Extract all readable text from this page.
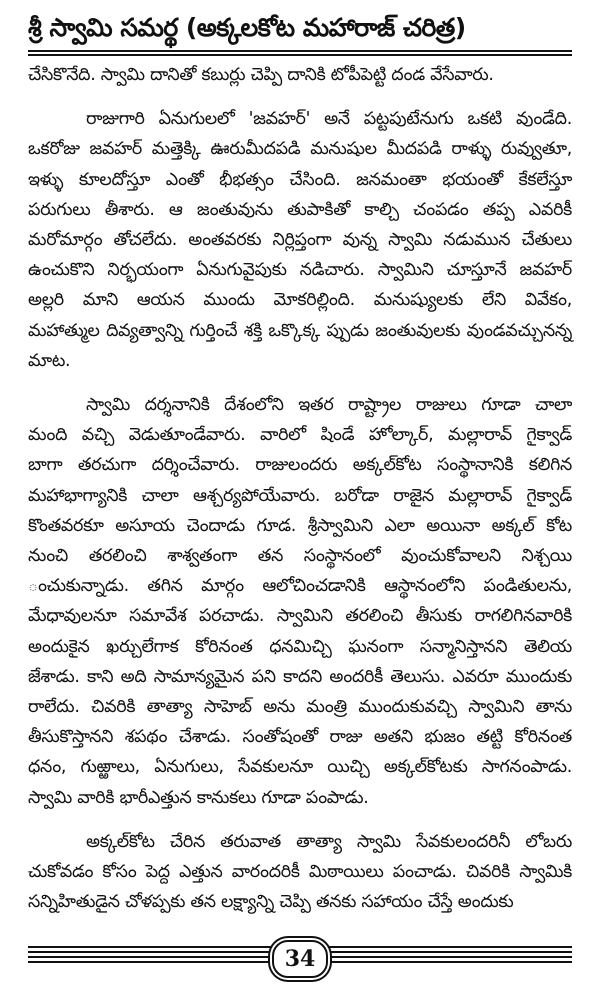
శ్రీ స్వామి సమర్థ (అక్కలకోట మహారాజ్ చరిత్ర)
చేసికొనేది. స్వామి దానితో కబుర్లు చెప్పి దానికి టోపీపెట్టి దండ వేసేవారు.
రాజుగారి ఏనుగులలో 'జవహర్' అనే పట్టపుటేనుగు ఒకటి వుండేది.
ఒకరోజు జవహర్ మత్తెక్కి ఊరుమీదపడి మనుషుల మీదపడి రాళ్ళు రువ్వుతూ,
ఇళ్ళు కూలదోస్తూ ఎంతో భీభత్సం చేసింది. జనమంతా భయంతో కేకలేస్తూ
పరుగులు తీశారు. ఆ జంతువును తుపాకితో కాల్చి చంపడం తప్ప ఎవరికీ
మరోమార్గం తోచలేదు. అంతవరకు నిర్లిప్తంగా వున్న స్వామి నడుమున చేతులు
ఉంచుకొని నిర్భయంగా ఏనుగువైపుకు నడిచారు. స్వామిని చూస్తూనే జవహర్
అల్లరి మాని ఆయన ముందు మోకరిల్లింది. మనుష్యులకు లేని వివేకం,
మహాత్ముల దివ్యత్వాన్ని గుర్తించే శక్తి ఒక్కొక్క ప్పుడు జంతువులకు వుండవచ్చునన్న
మాట.
స్వామి దర్శనానికి దేశంలోని ఇతర రాష్ట్రాల రాజులు గూడా చాలా
మంది వచ్చి వెడుతూండేవారు. వారిలో షిండే హోల్కార్, మల్లారావ్ గైక్వాడ్
బాగా తరచుగా దర్శించేవారు. రాజులందరు అక్కల్‌కోట సంస్థానానికి కలిగిన
మహాభాగ్యానికి చాలా ఆశ్చర్యపోయేవారు. బరోడా రాజైన మల్లారావ్ గైక్వాడ్
కొంతవరకూ అసూయ చెందాడు గూడ. శ్రీస్వామిని ఎలా అయినా అక్కల్ కోట
నుంచి తరలించి శాశ్వతంగా తన సంస్థానంలో వుంచుకోవాలని నిశ్చయి
ంచుకున్నాడు. తగిన మార్గం ఆలోచించడానికి ఆస్థానంలోని పండితులను,
మేధావులనూ సమావేశ పరచాడు. స్వామిని తరలించి తీసుకు రాగలిగినవారికి
అందుకైన ఖర్చులేగాక కోరినంత ధనమిచ్చి ఘనంగా సన్మానిస్తానని తెలియ
జేశాడు. కాని అది సామాన్యమైన పని కాదని అందరికీ తెలుసు. ఎవరూ ముందుకు
రాలేదు. చివరికి తాత్యా సాహెబ్ అను మంత్రి ముందుకువచ్చి స్వామిని తాను
తీసుకొస్తానని శపథం చేశాడు. సంతోషంతో రాజు అతని భుజం తట్టి కోరినంత
ధనం, గుఱ్ఱాలు, ఏనుగులు, సేవకులనూ యిచ్చి అక్కల్‌కోటకు సాగనంపాడు.
స్వామి వారికి భారీఎత్తున కానుకలు గూడా పంపాడు.
అక్కల్‌కోట చేరిన తరువాత తాత్యా స్వామి సేవకులందరినీ లోబరు
చుకోవడం కోసం పెద్ద ఎత్తున వారందరికీ మిఠాయిలు పంచాడు. చివరికి స్వామికి
సన్నిహితుడైన చోళప్పకు తన లక్ష్యాన్ని చెప్పి తనకు సహాయం చేస్తే అందుకు
34
